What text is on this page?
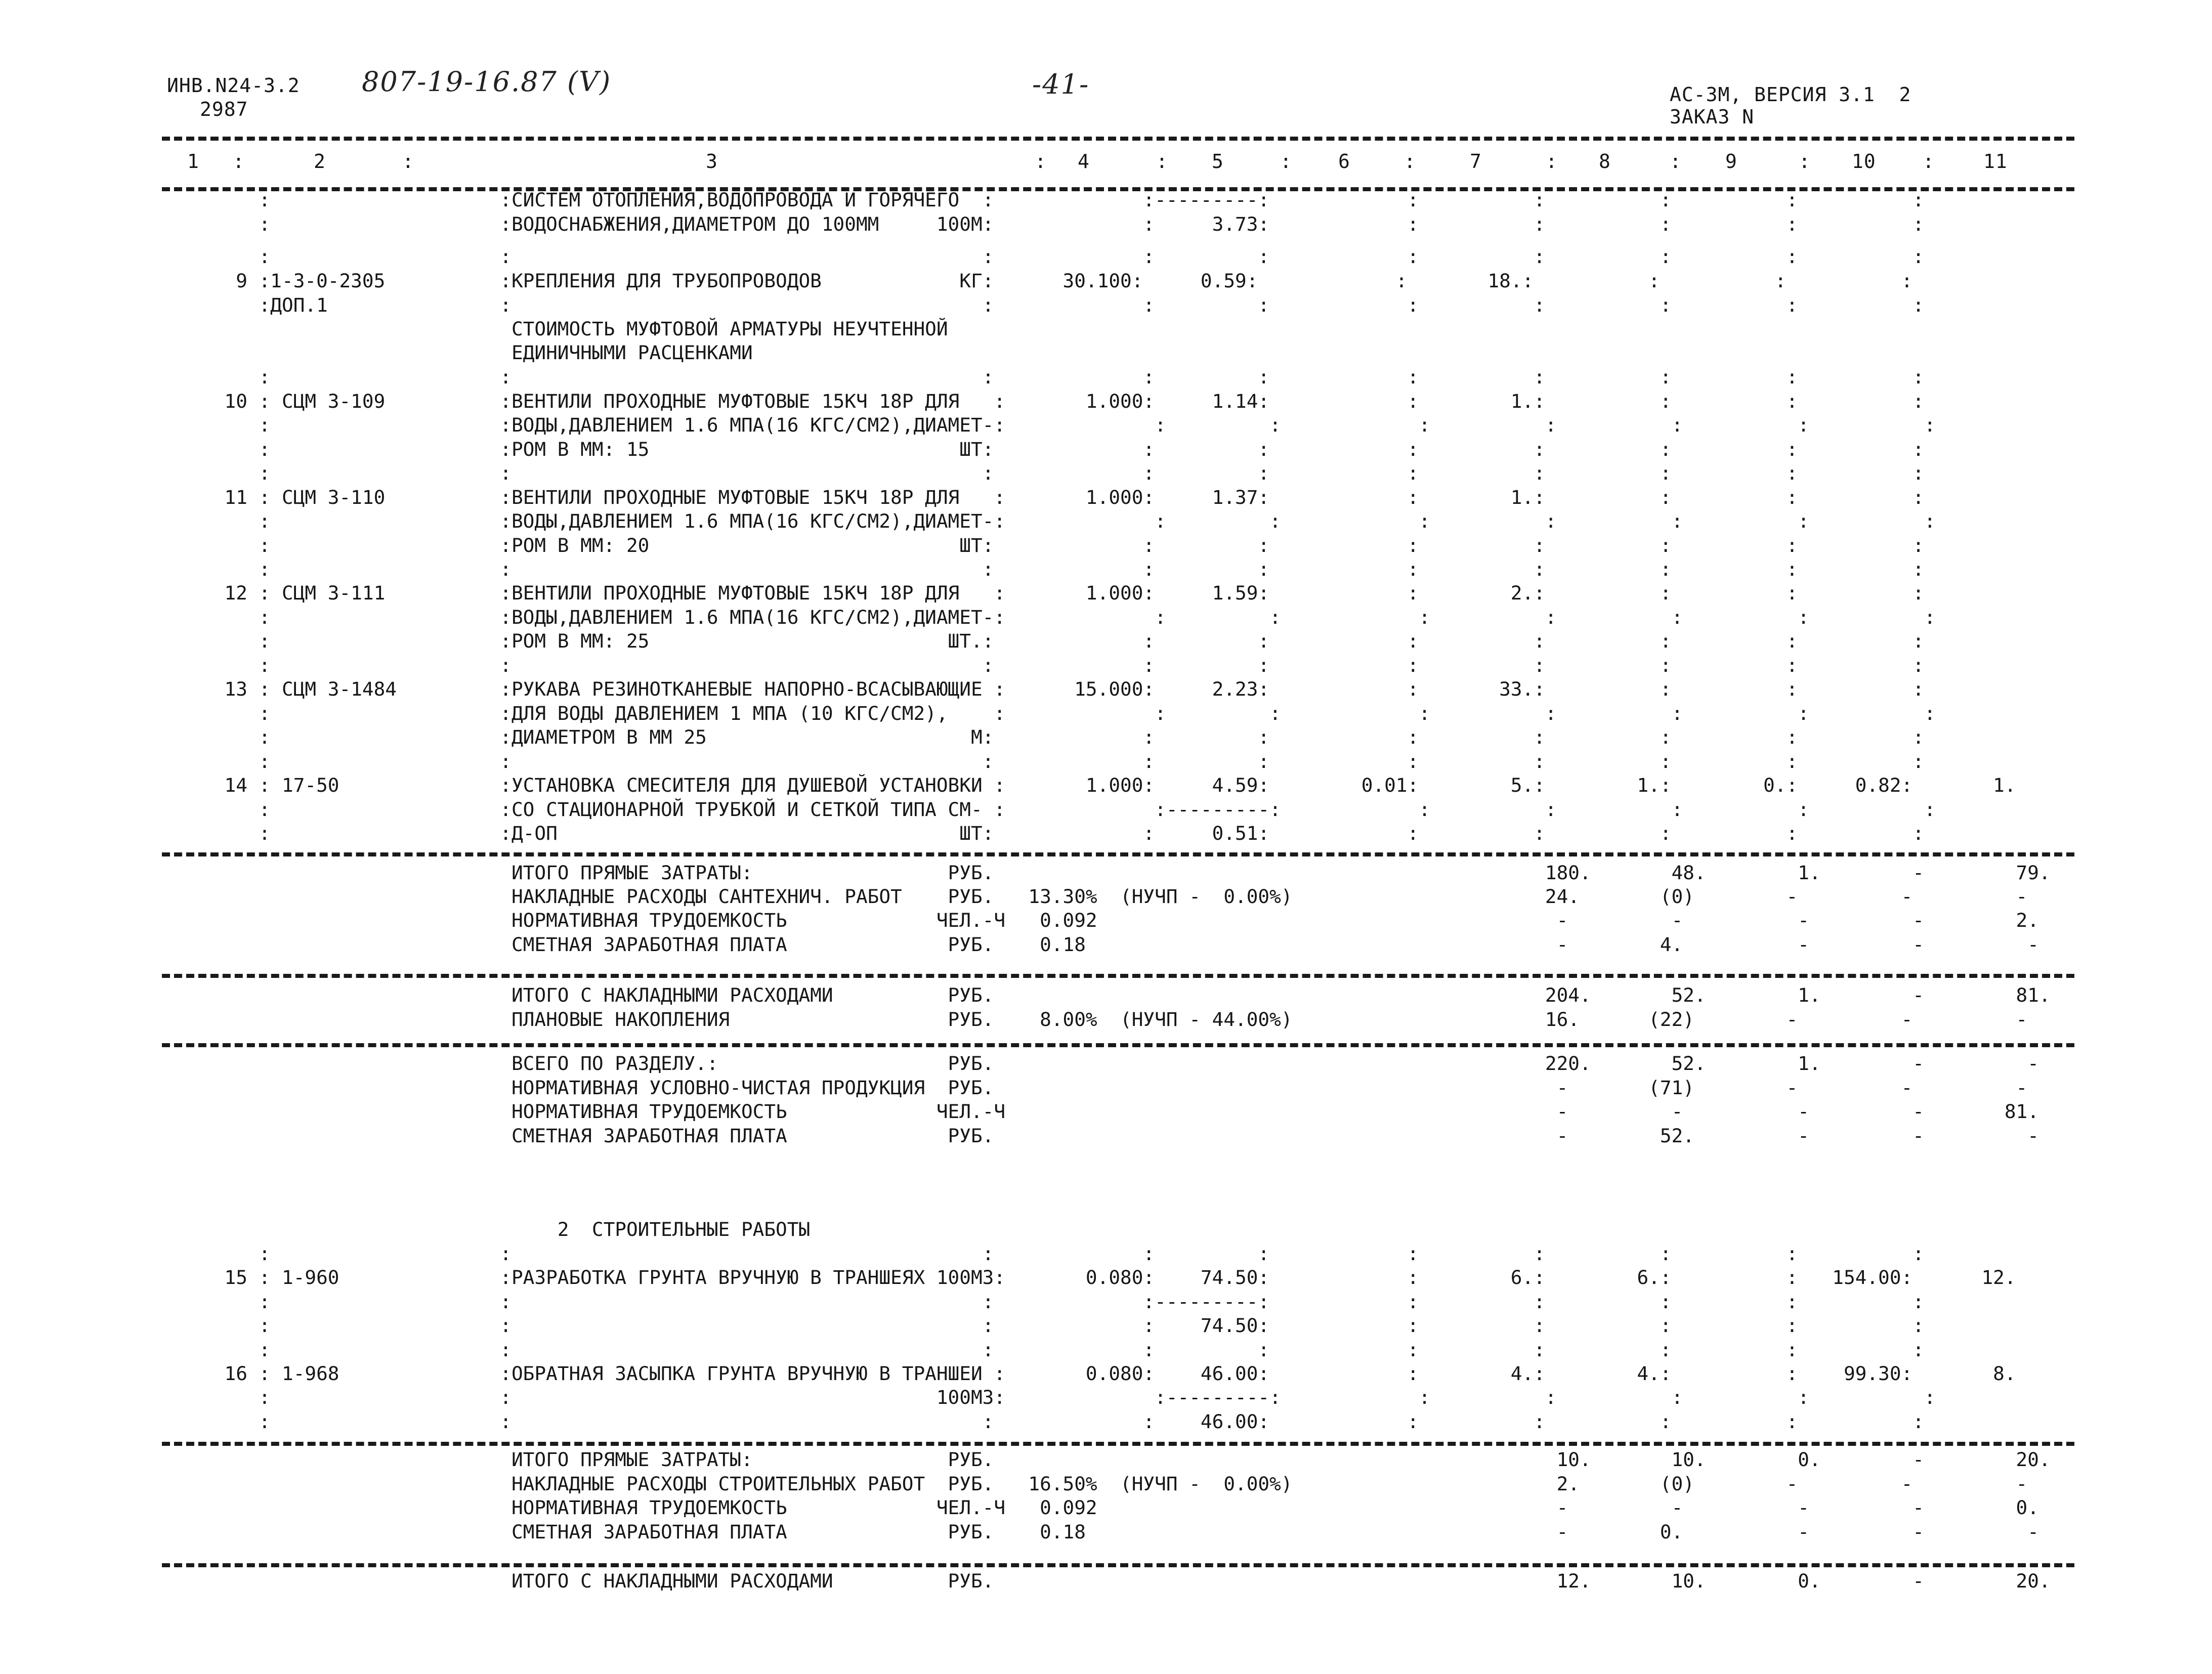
ИНВ.N24-3.2
2987
807-19-16.87 (V)	-41-	АС-3М, ВЕРСИЯ 3.1  2
ЗАКАЗ N
1 :	2	:	3	: 4	: 5	: 6	:	7	: 8	: 9	: 10 :	11
:                    :СИСТЕМ ОТОПЛЕНИЯ,ВОДОПРОВОДА И ГОРЯЧЕГО  :             :---------:            :          :          :          :          :
:                    :ВОДОСНАБЖЕНИЯ,ДИАМЕТРОМ ДО 100ММ     100М:             :     3.73:            :          :          :          :          :
:                    :                                         :             :         :            :          :          :          :          :
9 :1-3-0-2305          :КРЕПЛЕНИЯ ДЛЯ ТРУБОПРОВОДОВ            КГ:      30.100:     0.59:            :       18.:          :          :          :
:ДОП.1               :                                         :             :         :            :          :          :          :          :
СТОИМОСТЬ МУФТОВОЙ АРМАТУРЫ НЕУЧТЕННОЙ
ЕДИНИЧНЫМИ РАСЦЕНКАМИ
:                    :                                         :             :         :            :          :          :          :          :
10 : СЦМ 3-109          :ВЕНТИЛИ ПРОХОДНЫЕ МУФТОВЫЕ 15КЧ 18Р ДЛЯ   :       1.000:     1.14:            :        1.:          :          :          :
:                    :ВОДЫ,ДАВЛЕНИЕМ 1.6 МПА(16 КГС/СМ2),ДИАМЕТ-:             :         :            :          :          :          :          :
:                    :РОМ В ММ: 15                           ШТ:             :         :            :          :          :          :          :
:                    :                                         :             :         :            :          :          :          :          :
11 : СЦМ 3-110          :ВЕНТИЛИ ПРОХОДНЫЕ МУФТОВЫЕ 15КЧ 18Р ДЛЯ   :       1.000:     1.37:            :        1.:          :          :          :
:                    :ВОДЫ,ДАВЛЕНИЕМ 1.6 МПА(16 КГС/СМ2),ДИАМЕТ-:             :         :            :          :          :          :          :
:                    :РОМ В ММ: 20                           ШТ:             :         :            :          :          :          :          :
:                    :                                         :             :         :            :          :          :          :          :
12 : СЦМ 3-111          :ВЕНТИЛИ ПРОХОДНЫЕ МУФТОВЫЕ 15КЧ 18Р ДЛЯ   :       1.000:     1.59:            :        2.:          :          :          :
:                    :ВОДЫ,ДАВЛЕНИЕМ 1.6 МПА(16 КГС/СМ2),ДИАМЕТ-:             :         :            :          :          :          :          :
:                    :РОМ В ММ: 25                          ШТ.:             :         :            :          :          :          :          :
:                    :                                         :             :         :            :          :          :          :          :
13 : СЦМ 3-1484         :РУКАВА РЕЗИНОТКАНЕВЫЕ НАПОРНО-ВСАСЫВАЮЩИЕ :      15.000:     2.23:            :       33.:          :          :          :
:                    :ДЛЯ ВОДЫ ДАВЛЕНИЕМ 1 МПА (10 КГС/СМ2),    :             :         :            :          :          :          :          :
:                    :ДИАМЕТРОМ В ММ 25                       М:             :         :            :          :          :          :          :
:                    :                                         :             :         :            :          :          :          :          :
14 : 17-50              :УСТАНОВКА СМЕСИТЕЛЯ ДЛЯ ДУШЕВОЙ УСТАНОВКИ :       1.000:     4.59:        0.01:        5.:        1.:        0.:     0.82:       1.
:                    :СО СТАЦИОНАРНОЙ ТРУБКОЙ И СЕТКОЙ ТИПА СМ- :             :---------:            :          :          :          :          :
:                    :Д-ОП                                   ШТ:             :     0.51:            :          :          :          :          :
ИТОГО ПРЯМЫЕ ЗАТРАТЫ:                 РУБ.                                                180.       48.        1.        -        79.
НАКЛАДНЫЕ РАСХОДЫ САНТЕХНИЧ. РАБОТ    РУБ.   13.30%  (НУЧП -  0.00%)                      24.       (0)        -         -         -
НОРМАТИВНАЯ ТРУДОЕМКОСТЬ             ЧЕЛ.-Ч   0.092                                        -         -          -         -        2.
СМЕТНАЯ ЗАРАБОТНАЯ ПЛАТА              РУБ.    0.18                                         -        4.          -         -         -
ИТОГО С НАКЛАДНЫМИ РАСХОДАМИ          РУБ.                                                204.       52.        1.        -        81.
ПЛАНОВЫЕ НАКОПЛЕНИЯ                   РУБ.    8.00%  (НУЧП - 44.00%)                      16.      (22)        -         -         -
ВСЕГО ПО РАЗДЕЛУ.:                    РУБ.                                                220.       52.        1.        -         -
НОРМАТИВНАЯ УСЛОВНО-ЧИСТАЯ ПРОДУКЦИЯ  РУБ.                                                 -       (71)        -         -         -
НОРМАТИВНАЯ ТРУДОЕМКОСТЬ             ЧЕЛ.-Ч                                                -         -          -         -       81.
СМЕТНАЯ ЗАРАБОТНАЯ ПЛАТА              РУБ.                                                 -        52.         -         -         -
2  СТРОИТЕЛЬНЫЕ РАБОТЫ
:                    :                                         :             :         :            :          :          :          :          :
15 : 1-960              :РАЗРАБОТКА ГРУНТА ВРУЧНУЮ В ТРАНШЕЯХ 100М3:       0.080:    74.50:            :        6.:        6.:          :   154.00:      12.
:                    :                                         :             :---------:            :          :          :          :          :
:                    :                                         :             :    74.50:            :          :          :          :          :
:                    :                                         :             :         :            :          :          :          :          :
16 : 1-968              :ОБРАТНАЯ ЗАСЫПКА ГРУНТА ВРУЧНУЮ В ТРАНШЕИ :       0.080:    46.00:            :        4.:        4.:          :    99.30:       8.
:                    :                                     100М3:             :---------:            :          :          :          :          :
:                    :                                         :             :    46.00:            :          :          :          :          :
ИТОГО ПРЯМЫЕ ЗАТРАТЫ:                 РУБ.                                                 10.       10.        0.        -        20.
НАКЛАДНЫЕ РАСХОДЫ СТРОИТЕЛЬНЫХ РАБОТ  РУБ.   16.50%  (НУЧП -  0.00%)                       2.       (0)        -         -         -
НОРМАТИВНАЯ ТРУДОЕМКОСТЬ             ЧЕЛ.-Ч   0.092                                        -         -          -         -        0.
СМЕТНАЯ ЗАРАБОТНАЯ ПЛАТА              РУБ.    0.18                                         -        0.          -         -         -
ИТОГО С НАКЛАДНЫМИ РАСХОДАМИ          РУБ.                                                 12.       10.        0.        -        20.
